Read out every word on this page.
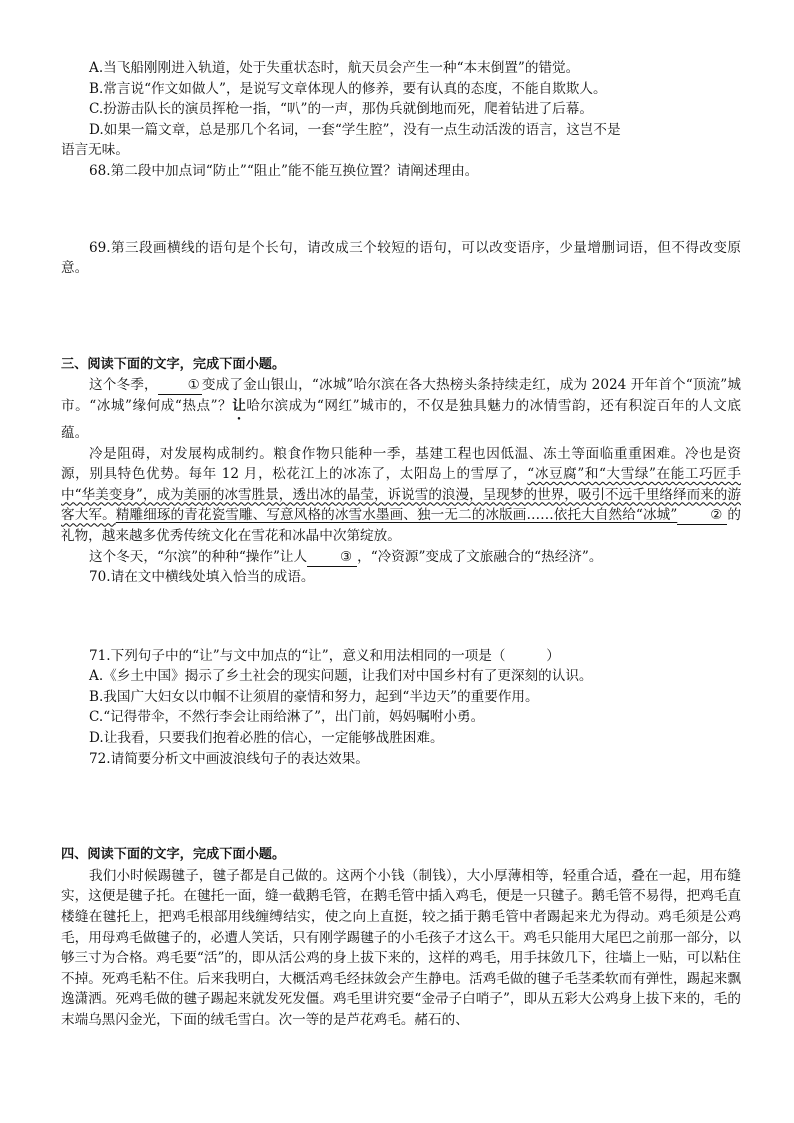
A.当飞船刚刚进入轨道，处于失重状态时，航天员会产生一种“本末倒置”的错觉。

B.常言说“作文如做人”，是说写文章体现人的修养，要有认真的态度，不能自欺欺人。

C.扮游击队长的演员挥枪一指，“叭”的一声，那伪兵就倒地而死，爬着钻进了后幕。

D.如果一篇文章，总是那几个名词，一套“学生腔”，没有一点生动活泼的语言，这岂不是

语言无味。

68.第二段中加点词“防止”“阻止”能不能互换位置？请阐述理由。

69.第三段画横线的语句是个长句，请改成三个较短的语句，可以改变语序，少量增删词语，但不得改变原意。

三、阅读下面的文字，完成下面小题。

这个冬季， ① 变成了金山银山，“冰城”哈尔滨在各大热榜头条持续走红，成为 2024 开年首个“顶流”城市。“冰城”缘何成“热点”？让哈尔滨成为“网红”城市的，不仅是独具魅力的冰情雪韵，还有积淀百年的人文底蕴。

冷是阻碍，对发展构成制约。粮食作物只能种一季，基建工程也因低温、冻土等面临重重困难。冷也是资源，别具特色优势。每年 12 月，松花江上的冰冻了，太阳岛上的雪厚了，“冰豆腐”和“大雪绿”在能工巧匠手中“华美变身”，成为美丽的冰雪胜景，透出冰的晶莹，诉说雪的浪漫，呈现梦的世界，吸引不远千里络绎而来的游客大军。精雕细琢的青花瓷雪雕、写意风格的冰雪水墨画、独一无二的冰版画……依托大自然给“冰城” ② 的礼物，越来越多优秀传统文化在雪花和冰晶中次第绽放。

这个冬天，“尔滨”的种种“操作”让人 ③ ，“冷资源”变成了文旅融合的“热经济”。

70.请在文中横线处填入恰当的成语。

71.下列句子中的“让”与文中加点的“让”，意义和用法相同的一项是（　　　）

A.《乡土中国》揭示了乡土社会的现实问题，让我们对中国乡村有了更深刻的认识。

B.我国广大妇女以巾帼不让须眉的豪情和努力，起到“半边天”的重要作用。

C.“记得带伞，不然行李会让雨给淋了”，出门前，妈妈嘱咐小勇。

D.让我看，只要我们抱着必胜的信心，一定能够战胜困难。

72.请简要分析文中画波浪线句子的表达效果。

四、阅读下面的文字，完成下面小题。

我们小时候踢毽子，毽子都是自己做的。这两个小钱（制钱），大小厚薄相等，轻重合适，叠在一起，用布缝实，这便是毽子托。在毽托一面，缝一截鹅毛管，在鹅毛管中插入鸡毛，便是一只毽子。鹅毛管不易得，把鸡毛直楼缝在毽托上，把鸡毛根部用线缠缚结实，使之向上直挺，较之插于鹅毛管中者踢起来尤为得动。鸡毛须是公鸡毛，用母鸡毛做毽子的，必遭人笑话，只有刚学踢毽子的小毛孩子才这么干。鸡毛只能用大尾巴之前那一部分，以够三寸为合格。鸡毛要“活”的，即从活公鸡的身上拔下来的，这样的鸡毛，用手抹敛几下，往墙上一贴，可以粘住不掉。死鸡毛粘不住。后来我明白，大概活鸡毛经抹敛会产生静电。活鸡毛做的毽子毛茎柔软而有弹性，踢起来飘逸潇洒。死鸡毛做的毽子踢起来就发死发僵。鸡毛里讲究要“金帚子白哨子”，即从五彩大公鸡身上拔下来的，毛的末端乌黑闪金光，下面的绒毛雪白。次一等的是芦花鸡毛。赭石的、
